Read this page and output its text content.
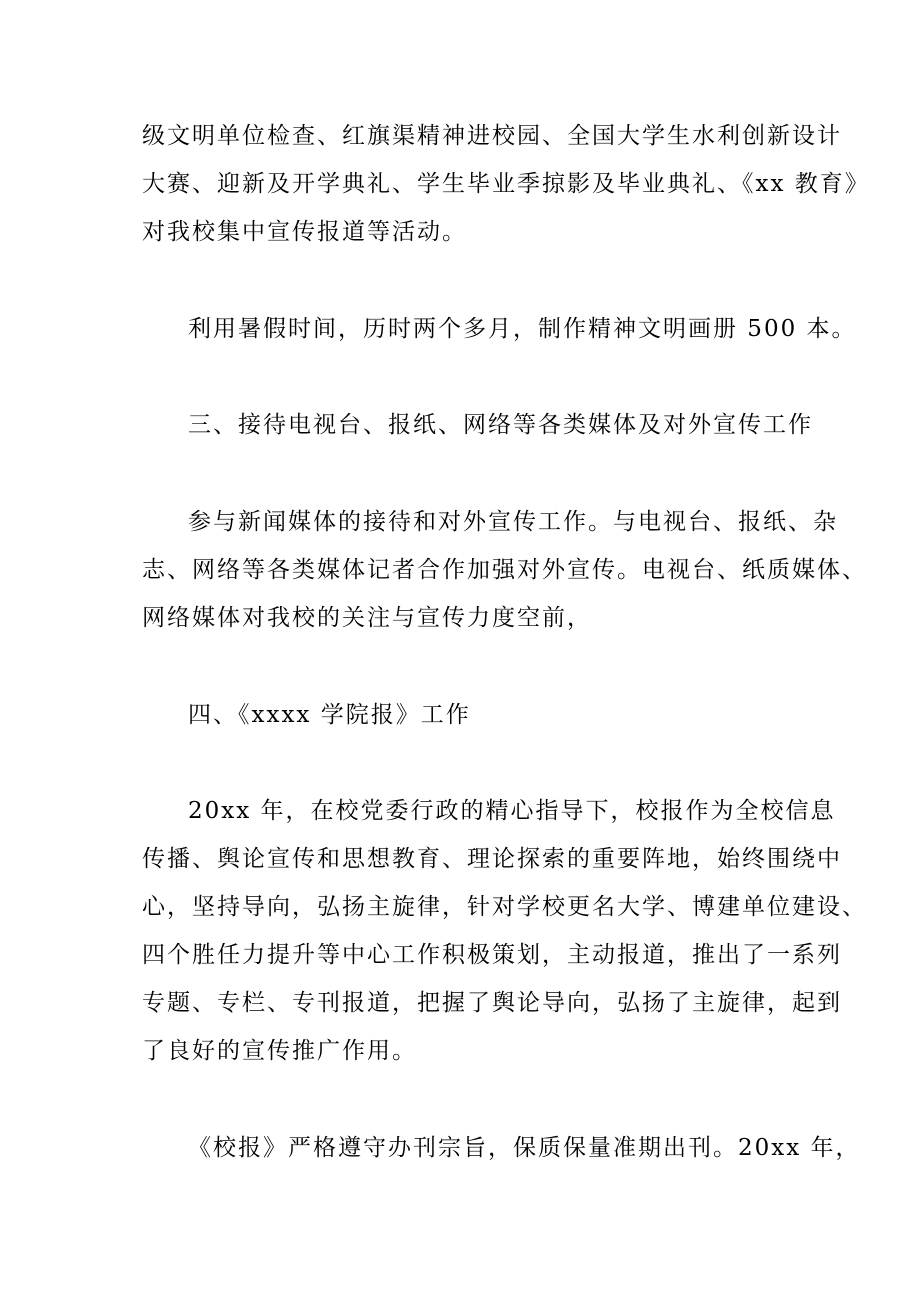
级文明单位检查、红旗渠精神进校园、全国大学生水利创新设计
大赛、迎新及开学典礼、学生毕业季掠影及毕业典礼、《xx 教育》
对我校集中宣传报道等活动。
利用暑假时间，历时两个多月，制作精神文明画册 500 本。
三、接待电视台、报纸、网络等各类媒体及对外宣传工作
参与新闻媒体的接待和对外宣传工作。与电视台、报纸、杂
志、网络等各类媒体记者合作加强对外宣传。电视台、纸质媒体、
网络媒体对我校的关注与宣传力度空前，
四、《xxxx 学院报》工作
20xx 年，在校党委行政的精心指导下，校报作为全校信息
传播、舆论宣传和思想教育、理论探索的重要阵地，始终围绕中
心，坚持导向，弘扬主旋律，针对学校更名大学、博建单位建设、
四个胜任力提升等中心工作积极策划，主动报道，推出了一系列
专题、专栏、专刊报道，把握了舆论导向，弘扬了主旋律，起到
了良好的宣传推广作用。
《校报》严格遵守办刊宗旨，保质保量准期出刊。20xx 年，
